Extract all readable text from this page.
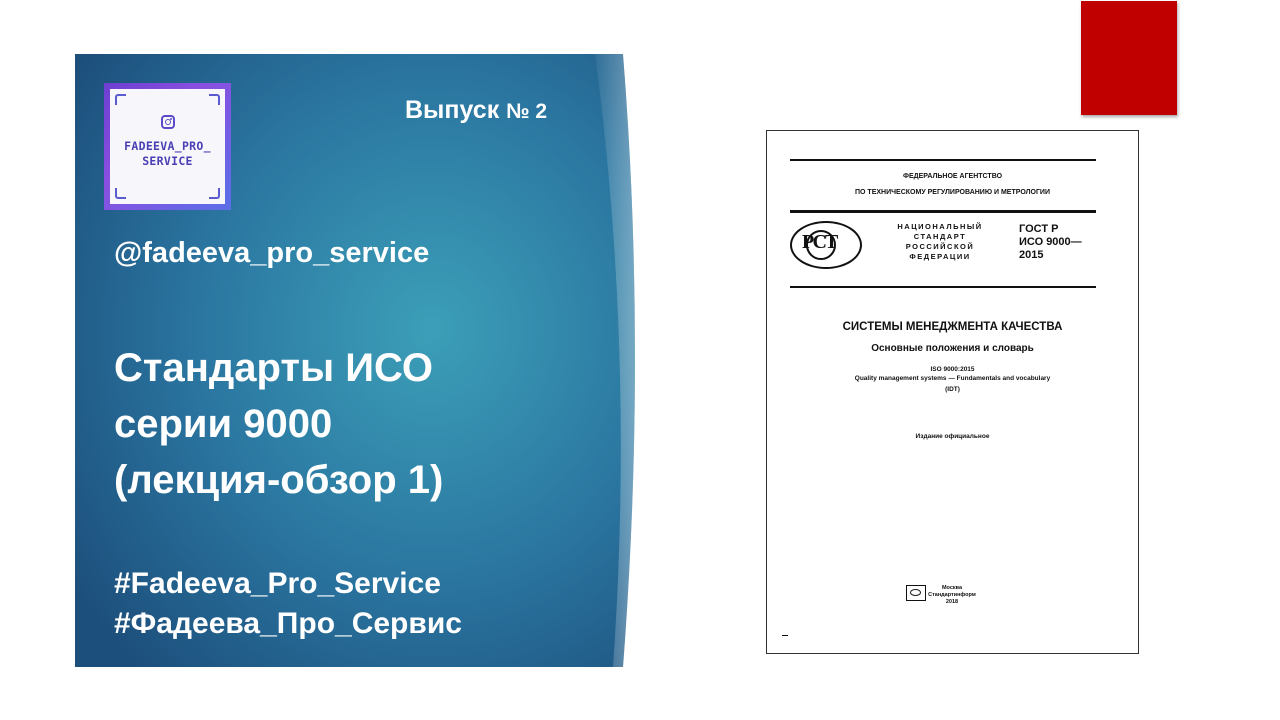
FADEEVA_PRO_
SERVICE
Выпуск № 2
@fadeeva_pro_service
Стандарты ИСО
серии 9000
(лекция-обзор 1)
#Fadeeva_Pro_Service
#Фадеева_Про_Сервис
ФЕДЕРАЛЬНОЕ АГЕНТСТВО
ПО ТЕХНИЧЕСКОМУ РЕГУЛИРОВАНИЮ И МЕТРОЛОГИИ
РСТ
НАЦИОНАЛЬНЫЙ
СТАНДАРТ
РОССИЙСКОЙ
ФЕДЕРАЦИИ
ГОСТ Р
ИСО 9000—
2015
СИСТЕМЫ МЕНЕДЖМЕНТА КАЧЕСТВА
Основные положения и словарь
ISO 9000:2015
Quality management systems — Fundamentals and vocabulary
(IDT)
Издание официальное
Москва
Стандартинформ
2018
